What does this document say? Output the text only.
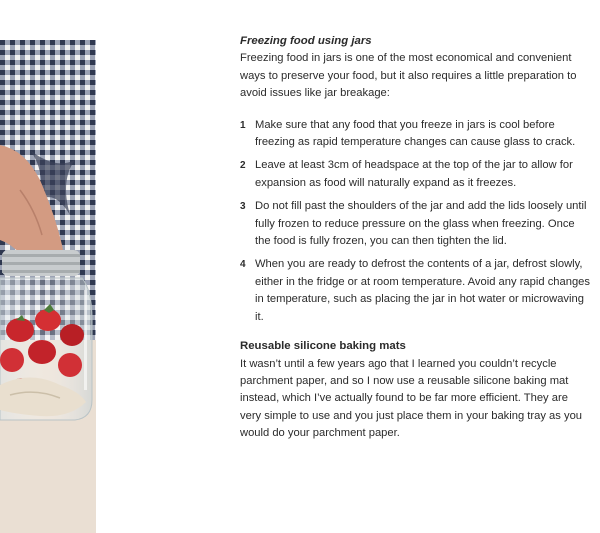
Freezing food using jars

Freezing food in jars is one of the most economical and convenient ways to preserve your food, but it also requires a little preparation to avoid issues like jar breakage:

1 Make sure that any food that you freeze in jars is cool before freezing as rapid temperature changes can cause glass to crack.
2 Leave at least 3cm of headspace at the top of the jar to allow for expansion as food will naturally expand as it freezes.
3 Do not fill past the shoulders of the jar and add the lids loosely until fully frozen to reduce pressure on the glass when freezing. Once the food is fully frozen, you can then tighten the lid.
4 When you are ready to defrost the contents of a jar, defrost slowly, either in the fridge or at room temperature. Avoid any rapid changes in temperature, such as placing the jar in hot water or microwaving it.
Reusable silicone baking mats

It wasn’t until a few years ago that I learned you couldn’t recycle parchment paper, and so I now use a reusable silicone baking mat instead, which I’ve actually found to be far more efficient. They are very simple to use and you just place them in your baking tray as you would do your parchment paper.
